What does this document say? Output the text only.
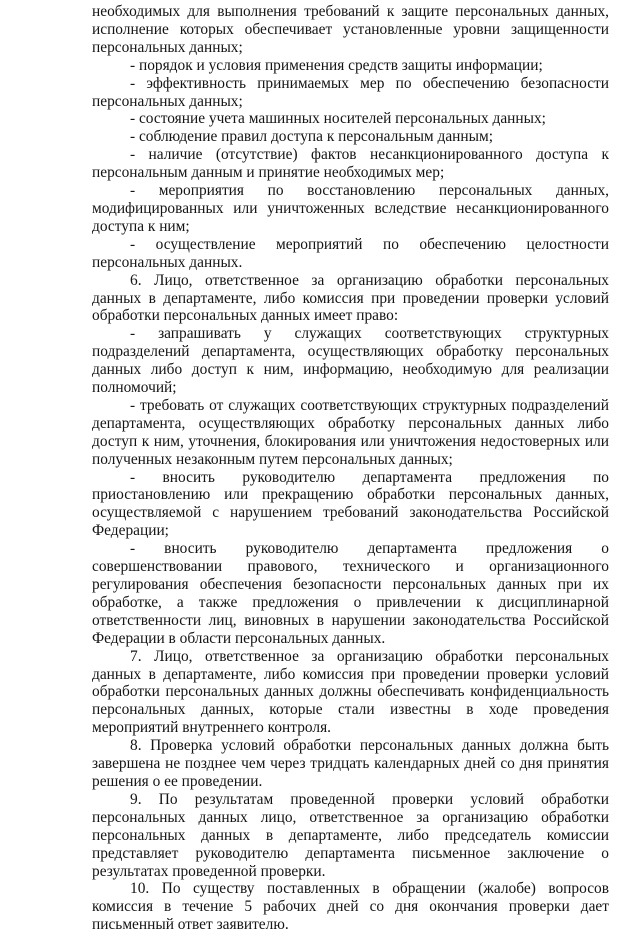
необходимых для выполнения требований к защите персональных данных, исполнение которых обеспечивает установленные уровни защищенности персональных данных;

- порядок и условия применения средств защиты информации;

- эффективность принимаемых мер по обеспечению безопасности персональных данных;

- состояние учета машинных носителей персональных данных;

- соблюдение правил доступа к персональным данным;

- наличие (отсутствие) фактов несанкционированного доступа к персональным данным и принятие необходимых мер;

- мероприятия по восстановлению персональных данных, модифицированных или уничтоженных вследствие несанкционированного доступа к ним;

- осуществление мероприятий по обеспечению целостности персональных данных.

6. Лицо, ответственное за организацию обработки персональных данных в департаменте, либо комиссия при проведении проверки условий обработки персональных данных имеет право:

- запрашивать у служащих соответствующих структурных подразделений департамента, осуществляющих обработку персональных данных либо доступ к ним, информацию, необходимую для реализации полномочий;

- требовать от служащих соответствующих структурных подразделений департамента, осуществляющих обработку персональных данных либо доступ к ним, уточнения, блокирования или уничтожения недостоверных или полученных незаконным путем персональных данных;

- вносить руководителю департамента предложения по приостановлению или прекращению обработки персональных данных, осуществляемой с нарушением требований законодательства Российской Федерации;

- вносить руководителю департамента предложения о совершенствовании правового, технического и организационного регулирования обеспечения безопасности персональных данных при их обработке, а также предложения о привлечении к дисциплинарной ответственности лиц, виновных в нарушении законодательства Российской Федерации в области персональных данных.

7. Лицо, ответственное за организацию обработки персональных данных в департаменте, либо комиссия при проведении проверки условий обработки персональных данных должны обеспечивать конфиденциальность персональных данных, которые стали известны в ходе проведения мероприятий внутреннего контроля.

8. Проверка условий обработки персональных данных должна быть завершена не позднее чем через тридцать календарных дней со дня принятия решения о ее проведении.

9. По результатам проведенной проверки условий обработки персональных данных лицо, ответственное за организацию обработки персональных данных в департаменте, либо председатель комиссии представляет руководителю департамента письменное заключение о результатах проведенной проверки.

10. По существу поставленных в обращении (жалобе) вопросов комиссия в течение 5 рабочих дней со дня окончания проверки дает письменный ответ заявителю.
